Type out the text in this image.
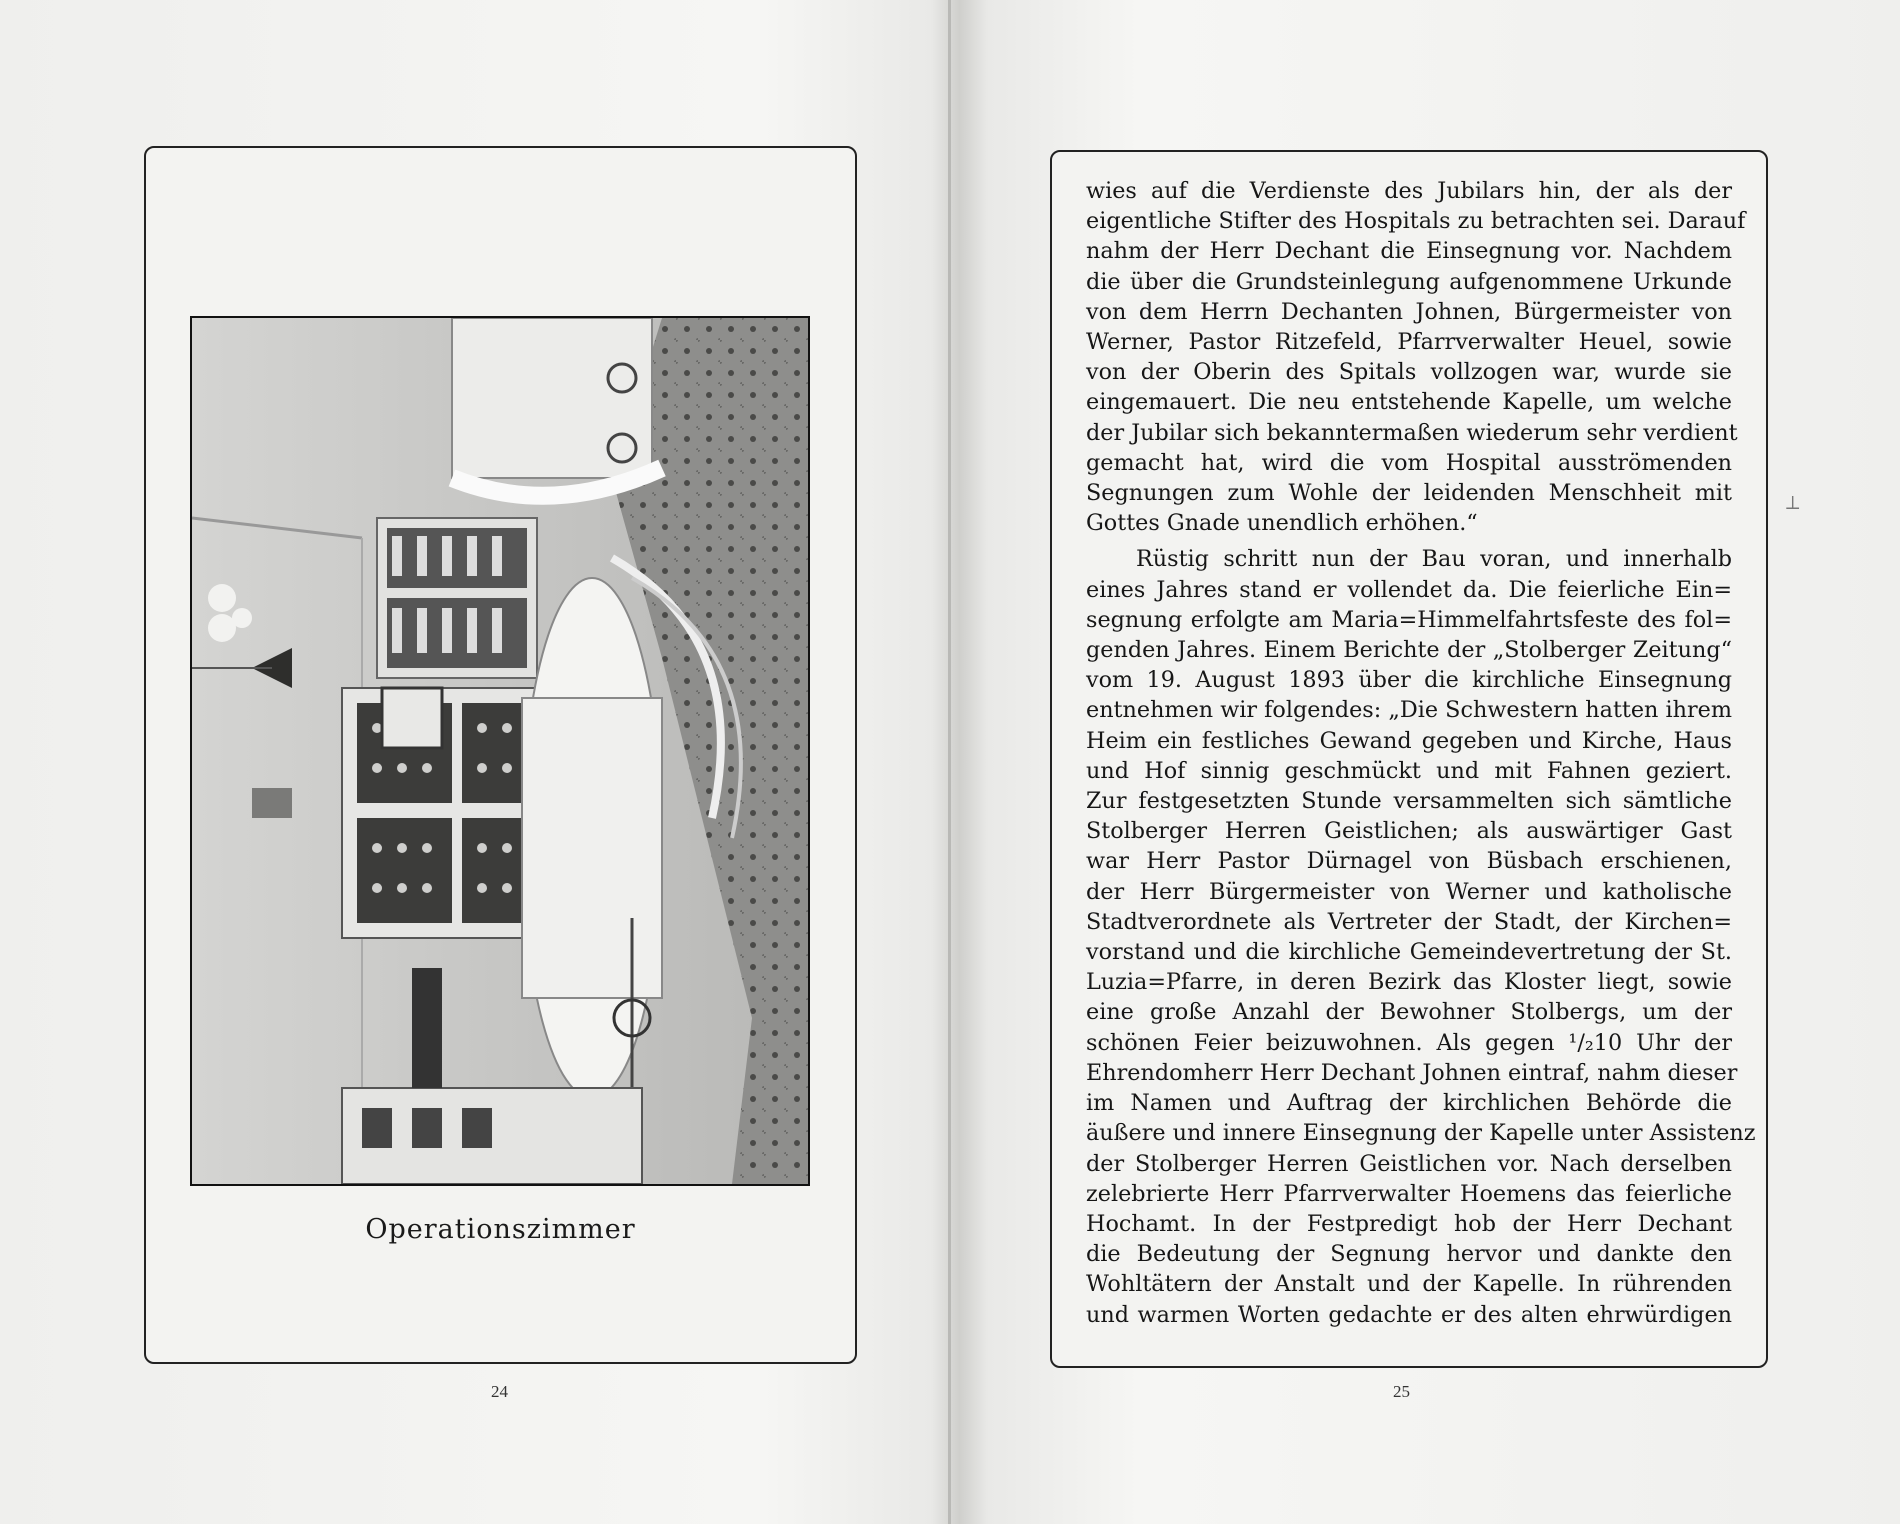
Operationszimmer
24

wies auf die Verdienste des Jubilars hin, der als der
eigentliche Stifter des Hospitals zu betrachten sei. Darauf
nahm der Herr Dechant die Einsegnung vor. Nachdem
die über die Grundsteinlegung aufgenommene Urkunde
von dem Herrn Dechanten Johnen, Bürgermeister von
Werner, Pastor Ritzefeld, Pfarrverwalter Heuel, sowie
von der Oberin des Spitals vollzogen war, wurde sie
eingemauert. Die neu entstehende Kapelle, um welche
der Jubilar sich bekanntermaßen wiederum sehr verdient
gemacht hat, wird die vom Hospital ausströmenden
Segnungen zum Wohle der leidenden Menschheit mit
Gottes Gnade unendlich erhöhen.“

Rüstig schritt nun der Bau voran, und innerhalb
eines Jahres stand er vollendet da. Die feierliche Ein=
segnung erfolgte am Maria=Himmelfahrtsfeste des fol=
genden Jahres. Einem Berichte der „Stolberger Zeitung“
vom 19. August 1893 über die kirchliche Einsegnung
entnehmen wir folgendes: „Die Schwestern hatten ihrem
Heim ein festliches Gewand gegeben und Kirche, Haus
und Hof sinnig geschmückt und mit Fahnen geziert.
Zur festgesetzten Stunde versammelten sich sämtliche
Stolberger Herren Geistlichen; als auswärtiger Gast
war Herr Pastor Dürnagel von Büsbach erschienen,
der Herr Bürgermeister von Werner und katholische
Stadtverordnete als Vertreter der Stadt, der Kirchen=
vorstand und die kirchliche Gemeindevertretung der St.
Luzia=Pfarre, in deren Bezirk das Kloster liegt, sowie
eine große Anzahl der Bewohner Stolbergs, um der
schönen Feier beizuwohnen. Als gegen ¹/₂10 Uhr der
Ehrendomherr Herr Dechant Johnen eintraf, nahm dieser
im Namen und Auftrag der kirchlichen Behörde die
äußere und innere Einsegnung der Kapelle unter Assistenz
der Stolberger Herren Geistlichen vor. Nach derselben
zelebrierte Herr Pfarrverwalter Hoemens das feierliche
Hochamt. In der Festpredigt hob der Herr Dechant
die Bedeutung der Segnung hervor und dankte den
Wohltätern der Anstalt und der Kapelle. In rührenden
und warmen Worten gedachte er des alten ehrwürdigen

25
⟂
